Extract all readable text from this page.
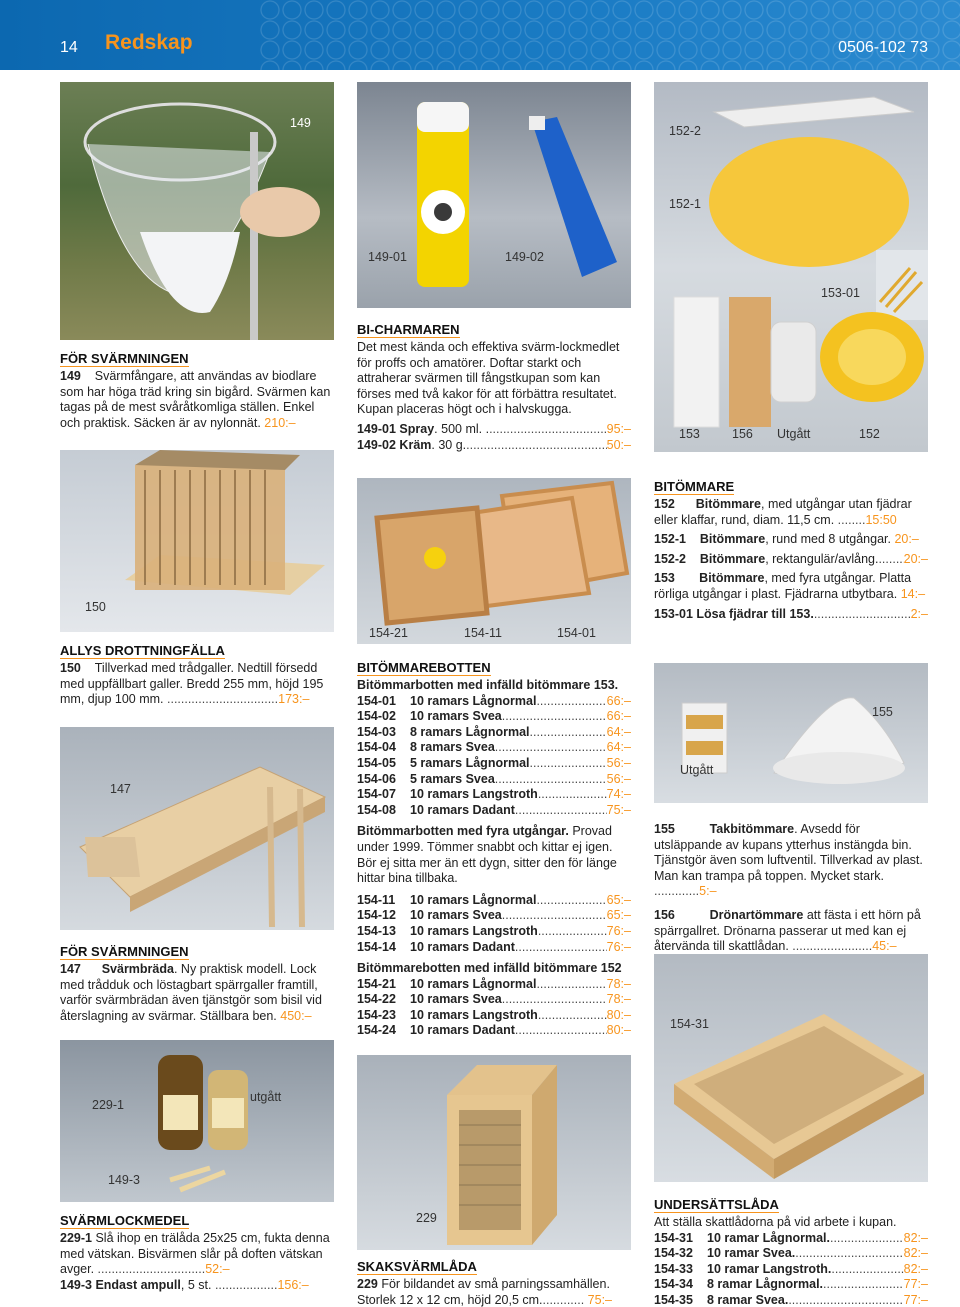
14 Redskap	0506-102 73
149
149-01	149-02
152-2
152-1
153-01
153	156 Utgått	152
FÖR SVÄRMNINGEN
149 Svärmfångare, att användas av biodlare som har höga träd kring sin bigård. Svärmen kan tagas på de mest svåråtkomliga ställen. Enkel och praktisk. Säcken är av nylonnät. 210:–
BI-CHARMAREN
Det mest kända och effektiva svärm-lockmedlet för proffs och amatörer. Doftar starkt och attraherar svärmen till fångstkupan som kan förses med två kakor för att förbättra resultatet. Kupan placeras högt och i halvskugga.
149-01 Spray. 500 ml. . .....	95:–
149-02 Kräm. 30 g. .....	50:–
BITÖMMARE
152 Bitömmare, med utgångar utan fjädrar eller klaffar, rund, diam. 11,5 cm. ........15:50
152-1 Bitömmare, rund med 8 utgångar. 20:–
152-2 Bitömmare, rektangulär/avlång. ..... 20:–
153 Bitömmare, med fyra utgångar. Platta rörliga utgångar i plast. Fjädrarna utbytbara. 14:–
153-01 Lösa fjädrar till 153. .....	2:–
150
154-21	154-11	154-01
ALLYS DROTTNINGFÄLLA
150 Tillverkad med trådgaller. Nedtill försedd med uppfällbart galler. Bredd 255 mm, höjd 195 mm, djup 100 mm. ................................173:–
BITÖMMAREBOTTEN
Bitömmarbotten med infälld bitömmare 153.
154-01	10 ramars Lågnormal .....	66:–
154-02	10 ramars Svea .....	66:–
154-03	8 ramars Lågnormal .....	64:–
154-04	8 ramars Svea .....	64:–
154-05	5 ramars Lågnormal .....	56:–
154-06	5 ramars Svea .....	56:–
154-07	10 ramars Langstroth .....	74:–
154-08	10 ramars Dadant .....	75:–
Bitömmarbotten med fyra utgångar. Provad under 1999. Tömmer snabbt och kittar ej igen. Bör ej sitta mer än ett dygn, sitter den för länge hittar bina tillbaka.
154-11	10 ramars Lågnormal .....	65:–
154-12	10 ramars Svea .....	65:–
154-13	10 ramars Langstroth .....	76:–
154-14	10 ramars Dadant .....	76:–
Bitömmarebotten med infälld bitömmare 152
154-21	10 ramars Lågnormal .....	78:–
154-22	10 ramars Svea .....	78:–
154-23	10 ramars Langstroth .....	80:–
154-24	10 ramars Dadant .....	80:–
147
FÖR SVÄRMNINGEN
147 Svärmbräda. Ny praktisk modell. Lock med trådduk och löstagbart spärrgaller framtill, varför svärmbrädan även tjänstgör som bisil vid återslagning av svärmar. Ställbara ben. 450:–
155
Utgått
155	Takbitömmare. Avsedd för utsläppande av kupans ytterhus instängda bin. Tjänstgör även som luftventil. Tillverkad av plast. Man kan trampa på toppen. Mycket stark. .............5:–
156	Drönartömmare att fästa i ett hörn på spärrgallret. Drönarna passerar ut med kan ej återvända till skattlådan. .......................45:–
154-31
229-1
utgått
149-3
229
SVÄRMLOCKMEDEL
229-1 Slå ihop en trälåda 25x25 cm, fukta denna med vätskan. Bisvärmen slår på doften vätskan avger. ...............................52:–
149-3 Endast ampull, 5 st. ..................156:–
SKAKSVÄRMLÅDA
229 För bildandet av små parningssamhällen. Storlek 12 x 12 cm, höjd 20,5 cm............. 75:–
UNDERSÄTTSLÅDA
Att ställa skattlådorna på vid arbete i kupan.
154-31	10 ramar Lågnormal. .....	82:–
154-32	10 ramar Svea. .....	82:–
154-33	10 ramar Langstroth. .....	82:–
154-34	8 ramar Lågnormal. .....	77:–
154-35	8 ramar Svea. .....	77:–
